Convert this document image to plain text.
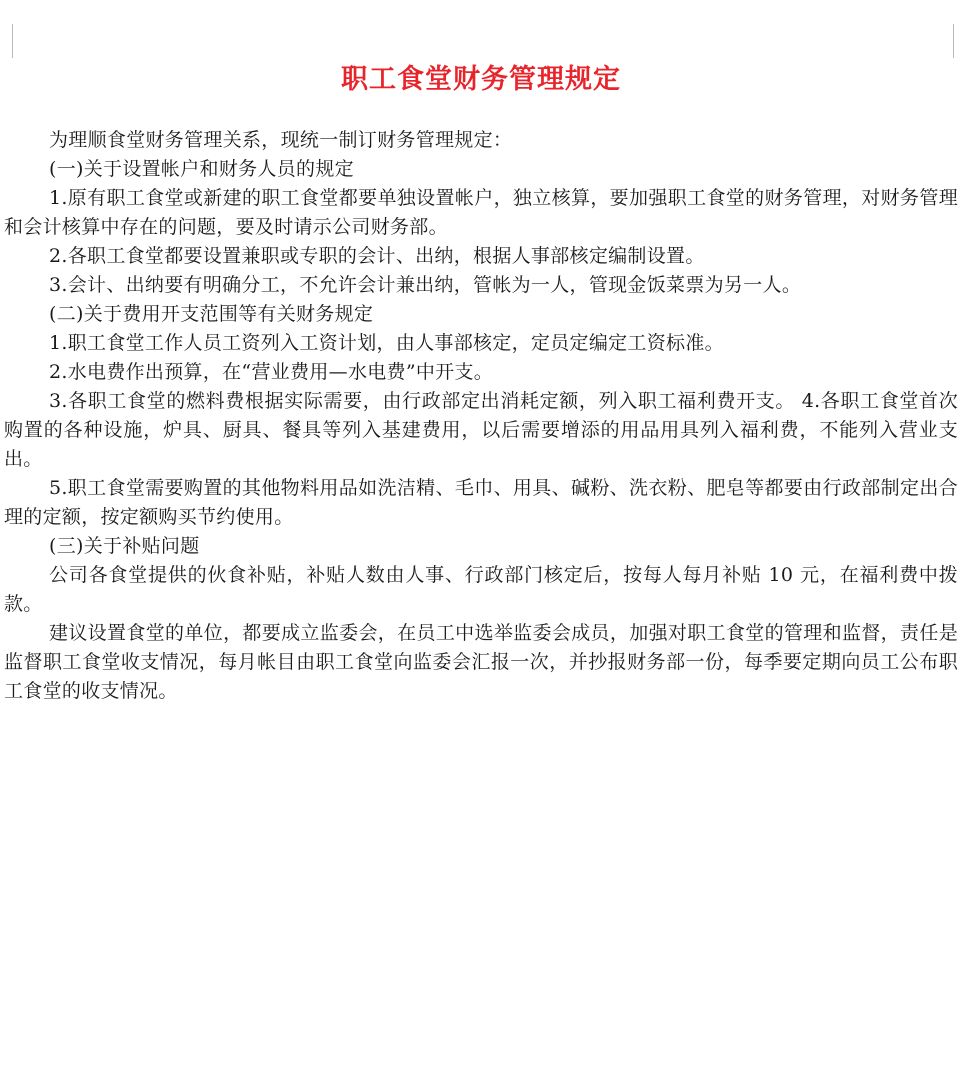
职工食堂财务管理规定

为理顺食堂财务管理关系，现统一制订财务管理规定：

(一)关于设置帐户和财务人员的规定

1.原有职工食堂或新建的职工食堂都要单独设置帐户，独立核算，要加强职工食堂的财务管理，对财务管理和会计核算中存在的问题，要及时请示公司财务部。

2.各职工食堂都要设置兼职或专职的会计、出纳，根据人事部核定编制设置。

3.会计、出纳要有明确分工，不允许会计兼出纳，管帐为一人，管现金饭菜票为另一人。

(二)关于费用开支范围等有关财务规定

1.职工食堂工作人员工资列入工资计划，由人事部核定，定员定编定工资标准。

2.水电费作出预算，在“营业费用—水电费”中开支。

3.各职工食堂的燃料费根据实际需要，由行政部定出消耗定额，列入职工福利费开支。 4.各职工食堂首次购置的各种设施，炉具、厨具、餐具等列入基建费用，以后需要增添的用品用具列入福利费，不能列入营业支出。

5.职工食堂需要购置的其他物料用品如洗洁精、毛巾、用具、碱粉、洗衣粉、肥皂等都要由行政部制定出合理的定额，按定额购买节约使用。

(三)关于补贴问题

公司各食堂提供的伙食补贴，补贴人数由人事、行政部门核定后，按每人每月补贴 10 元，在福利费中拨款。

建议设置食堂的单位，都要成立监委会，在员工中选举监委会成员，加强对职工食堂的管理和监督，责任是监督职工食堂收支情况，每月帐目由职工食堂向监委会汇报一次，并抄报财务部一份，每季要定期向员工公布职工食堂的收支情况。
